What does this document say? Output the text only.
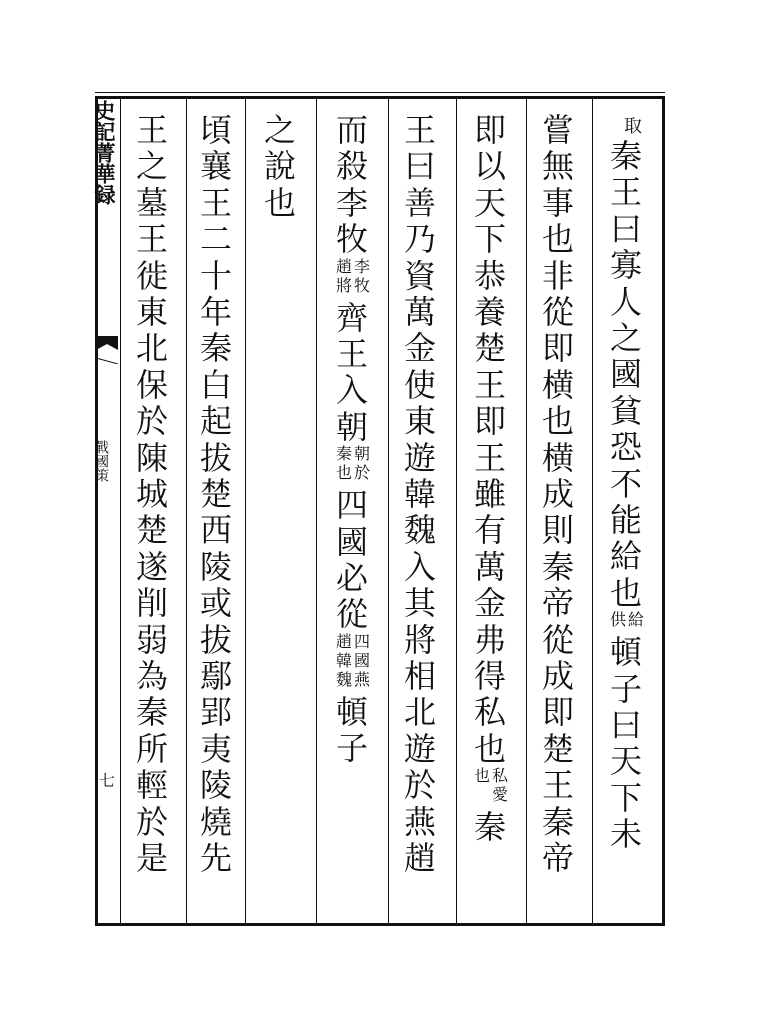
史記菁華録
戰國策
七
取
秦
王
曰
寡
人
之
國
貧
恐
不
能
給
也
給
供
頓
子
曰
天
下
未
嘗
無
事
也
非
從
即
横
也
横
成
則
秦
帝
從
成
即
楚
王
秦
帝
即
以
天
下
恭
養
楚
王
即
王
雖
有
萬
金
弗
得
私
也
私
愛
也
秦
王
曰
善
乃
資
萬
金
使
東
遊
韓
魏
入
其
將
相
北
遊
於
燕
趙
而
殺
李
牧
李
牧
趙
將
齊
王
入
朝
朝
於
秦
也
四
國
必
從
四
國
燕
趙
韓
魏
頓
子
之
說
也
頃
襄
王
二
十
年
秦
白
起
拔
楚
西
陵
或
拔
鄢
郢
夷
陵
燒
先
王
之
墓
王
徙
東
北
保
於
陳
城
楚
遂
削
弱
為
秦
所
輕
於
是
